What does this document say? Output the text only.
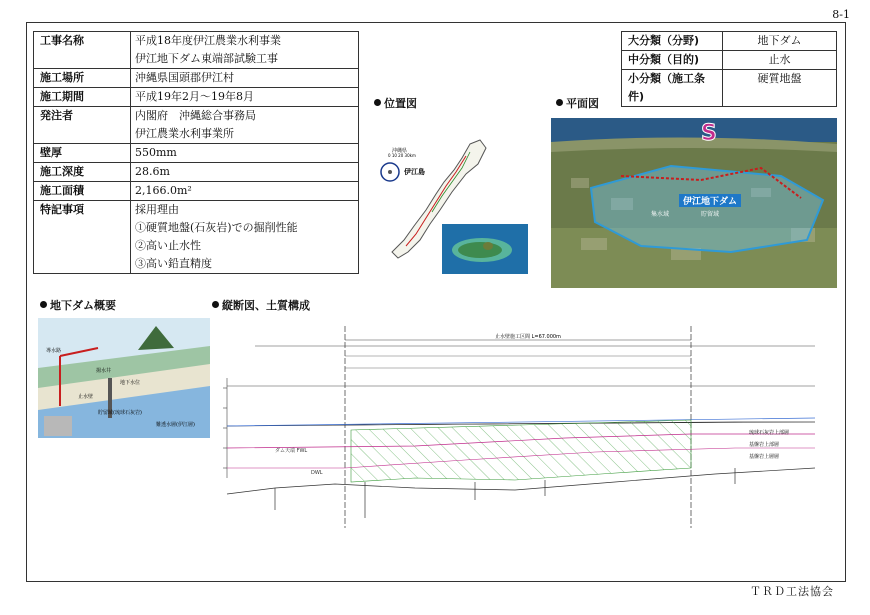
8-1
工事名称	平成18年度伊江農業水利事業
伊江地下ダム東端部試験工事

施工場所	沖縄県国頭郡伊江村

施工期間	平成19年2月～19年8月

発注者	内閣府　沖縄総合事務局
伊江農業水利事業所

壁厚	550mm

施工深度	28.6m

施工面積	2,166.0m²

特記事項	採用理由
①硬質地盤(石灰岩)での掘削性能
②高い止水性
③高い鉛直精度
大分類（分野)	地下ダム
中分類（目的)	止水
小分類（施工条件)	硬質地盤
位置図	平面図
地下ダム概要	縦断図、土質構成
沖縄県
0 10 20 30km
伊江島
S
伊江地下ダム
集水域	貯留域
止水壁
地下水位
貯留域(琉球石灰岩)
難透水層(伊江層)
揚水井
導水路
止水壁施工区間 L=67.000m
ダム天端 FWL
DWL
琉球石灰岩上部層
基盤岩上部層
基盤岩上層層
ＴＲＤ工法協会
